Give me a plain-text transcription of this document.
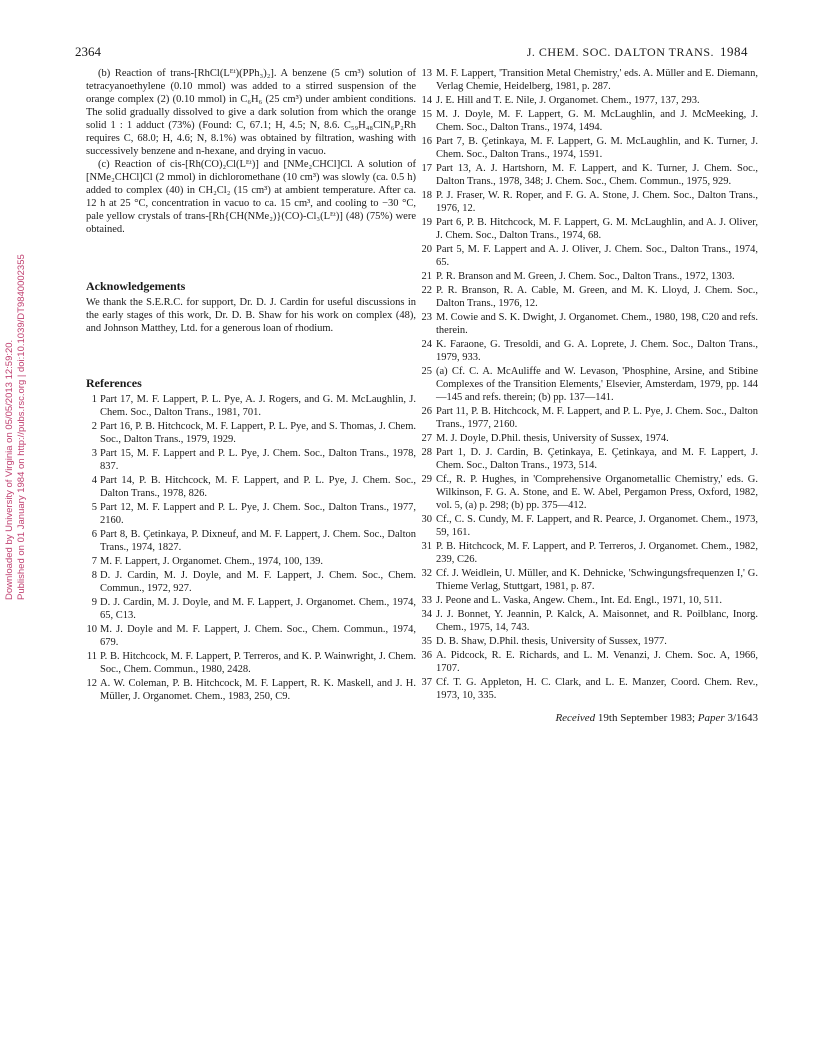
2364	J. CHEM. SOC. DALTON TRANS. 1984
Downloaded by University of Virginia on 05/05/2013 12:59:20. Published on 01 January 1984 on http://pubs.rsc.org | doi:10.1039/DT9840002355

(b) Reaction of trans-[RhCl(Lᴱᵗ)(PPh₃)₂]. A benzene (5 cm³) solution of tetracyanoethylene (0.10 mmol) was added to a stirred suspension of the orange complex (2) (0.10 mmol) in C₆H₆ (25 cm³) under ambient conditions. The solid gradually dissolved to give a dark solution from which the orange solid 1 : 1 adduct (73%) (Found: C, 67.1; H, 4.5; N, 8.6. C₅₉H₄₈ClN₆P₂Rh requires C, 68.0; H, 4.6; N, 8.1%) was obtained by filtration, washing with successively benzene and n-hexane, and drying in vacuo.

(c) Reaction of cis-[Rh(CO)₂Cl(Lᴱᵗ)] and [NMe₂CHCl]Cl. A solution of [NMe₂CHCl]Cl (2 mmol) in dichloromethane (10 cm³) was slowly (ca. 0.5 h) added to complex (40) in CH₂Cl₂ (15 cm³) at ambient temperature. After ca. 12 h at 25 °C, concentration in vacuo to ca. 15 cm³, and cooling to −30 °C, pale yellow crystals of trans-[Rh{CH(NMe₂)}(CO)-Cl₃(Lᴱᵗ)] (48) (75%) were obtained.

Acknowledgements

We thank the S.E.R.C. for support, Dr. D. J. Cardin for useful discussions in the early stages of this work, Dr. D. B. Shaw for his work on complex (48), and Johnson Matthey, Ltd. for a generous loan of rhodium.

References
1 Part 17, M. F. Lappert, P. L. Pye, A. J. Rogers, and G. M. McLaughlin, J. Chem. Soc., Dalton Trans., 1981, 701.
2 Part 16, P. B. Hitchcock, M. F. Lappert, P. L. Pye, and S. Thomas, J. Chem. Soc., Dalton Trans., 1979, 1929.
3 Part 15, M. F. Lappert and P. L. Pye, J. Chem. Soc., Dalton Trans., 1978, 837.
4 Part 14, P. B. Hitchcock, M. F. Lappert, and P. L. Pye, J. Chem. Soc., Dalton Trans., 1978, 826.
5 Part 12, M. F. Lappert and P. L. Pye, J. Chem. Soc., Dalton Trans., 1977, 2160.
6 Part 8, B. Çetinkaya, P. Dixneuf, and M. F. Lappert, J. Chem. Soc., Dalton Trans., 1974, 1827.
7 M. F. Lappert, J. Organomet. Chem., 1974, 100, 139.
8 D. J. Cardin, M. J. Doyle, and M. F. Lappert, J. Chem. Soc., Chem. Commun., 1972, 927.
9 D. J. Cardin, M. J. Doyle, and M. F. Lappert, J. Organomet. Chem., 1974, 65, C13.
10 M. J. Doyle and M. F. Lappert, J. Chem. Soc., Chem. Commun., 1974, 679.
11 P. B. Hitchcock, M. F. Lappert, P. Terreros, and K. P. Wainwright, J. Chem. Soc., Chem. Commun., 1980, 2428.
12 A. W. Coleman, P. B. Hitchcock, M. F. Lappert, R. K. Maskell, and J. H. Müller, J. Organomet. Chem., 1983, 250, C9.
13 M. F. Lappert, 'Transition Metal Chemistry,' eds. A. Müller and E. Diemann, Verlag Chemie, Heidelberg, 1981, p. 287.
14 J. E. Hill and T. E. Nile, J. Organomet. Chem., 1977, 137, 293.
15 M. J. Doyle, M. F. Lappert, G. M. McLaughlin, and J. McMeeking, J. Chem. Soc., Dalton Trans., 1974, 1494.
16 Part 7, B. Çetinkaya, M. F. Lappert, G. M. McLaughlin, and K. Turner, J. Chem. Soc., Dalton Trans., 1974, 1591.
17 Part 13, A. J. Hartshorn, M. F. Lappert, and K. Turner, J. Chem. Soc., Dalton Trans., 1978, 348; J. Chem. Soc., Chem. Commun., 1975, 929.
18 P. J. Fraser, W. R. Roper, and F. G. A. Stone, J. Chem. Soc., Dalton Trans., 1976, 12.
19 Part 6, P. B. Hitchcock, M. F. Lappert, G. M. McLaughlin, and A. J. Oliver, J. Chem. Soc., Dalton Trans., 1974, 68.
20 Part 5, M. F. Lappert and A. J. Oliver, J. Chem. Soc., Dalton Trans., 1974, 65.
21 P. R. Branson and M. Green, J. Chem. Soc., Dalton Trans., 1972, 1303.
22 P. R. Branson, R. A. Cable, M. Green, and M. K. Lloyd, J. Chem. Soc., Dalton Trans., 1976, 12.
23 M. Cowie and S. K. Dwight, J. Organomet. Chem., 1980, 198, C20 and refs. therein.
24 K. Faraone, G. Tresoldi, and G. A. Loprete, J. Chem. Soc., Dalton Trans., 1979, 933.
25 (a) Cf. C. A. McAuliffe and W. Levason, 'Phosphine, Arsine, and Stibine Complexes of the Transition Elements,' Elsevier, Amsterdam, 1979, pp. 144—145 and refs. therein; (b) pp. 137—141.
26 Part 11, P. B. Hitchcock, M. F. Lappert, and P. L. Pye, J. Chem. Soc., Dalton Trans., 1977, 2160.
27 M. J. Doyle, D.Phil. thesis, University of Sussex, 1974.
28 Part 1, D. J. Cardin, B. Çetinkaya, E. Çetinkaya, and M. F. Lappert, J. Chem. Soc., Dalton Trans., 1973, 514.
29 Cf., R. P. Hughes, in 'Comprehensive Organometallic Chemistry,' eds. G. Wilkinson, F. G. A. Stone, and E. W. Abel, Pergamon Press, Oxford, 1982, vol. 5, (a) p. 298; (b) pp. 375—412.
30 Cf., C. S. Cundy, M. F. Lappert, and R. Pearce, J. Organomet. Chem., 1973, 59, 161.
31 P. B. Hitchcock, M. F. Lappert, and P. Terreros, J. Organomet. Chem., 1982, 239, C26.
32 Cf. J. Weidlein, U. Müller, and K. Dehnicke, 'Schwingungsfrequenzen I,' G. Thieme Verlag, Stuttgart, 1981, p. 87.
33 J. Peone and L. Vaska, Angew. Chem., Int. Ed. Engl., 1971, 10, 511.
34 J. J. Bonnet, Y. Jeannin, P. Kalck, A. Maisonnet, and R. Poilblanc, Inorg. Chem., 1975, 14, 743.
35 D. B. Shaw, D.Phil. thesis, University of Sussex, 1977.
36 A. Pidcock, R. E. Richards, and L. M. Venanzi, J. Chem. Soc. A, 1966, 1707.
37 Cf. T. G. Appleton, H. C. Clark, and L. E. Manzer, Coord. Chem. Rev., 1973, 10, 335.
Received 19th September 1983; Paper 3/1643
